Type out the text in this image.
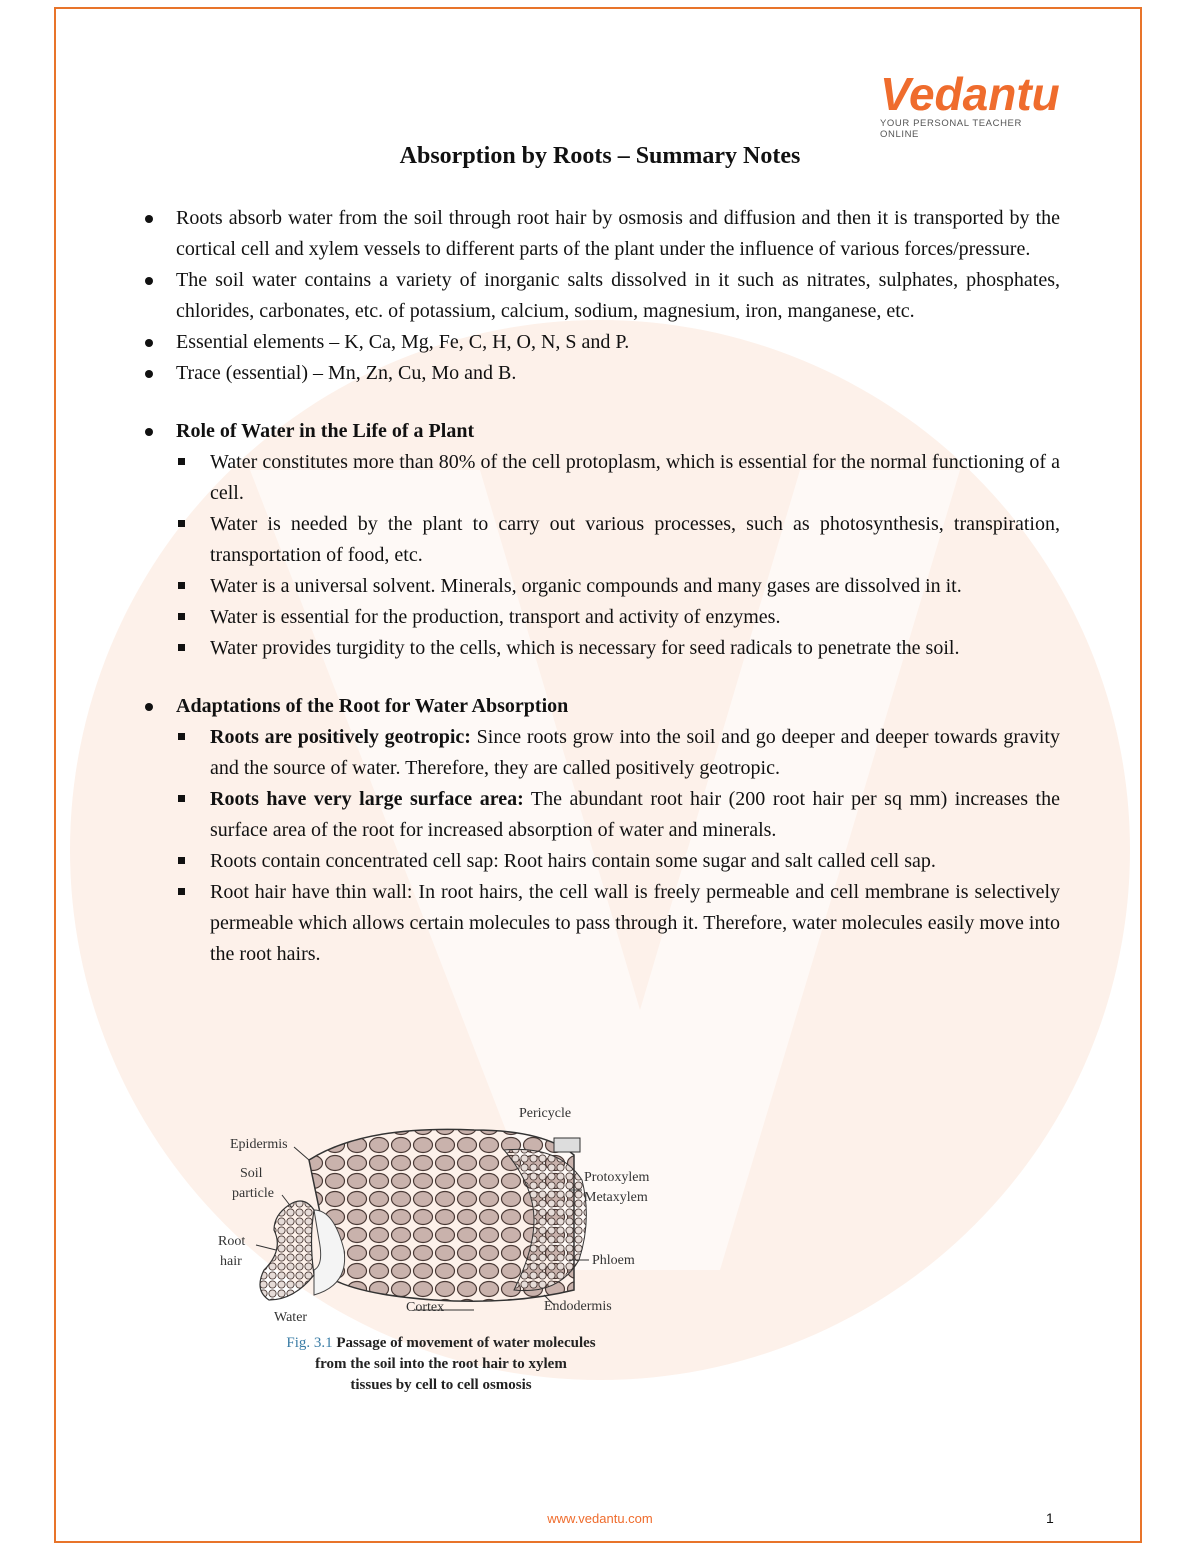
Vedantu
YOUR PERSONAL TEACHER ONLINE
Absorption by Roots – Summary Notes
Roots absorb water from the soil through root hair by osmosis and diffusion and then it is transported by the cortical cell and xylem vessels to different parts of the plant under the influence of various forces/pressure.
The soil water contains a variety of inorganic salts dissolved in it such as nitrates, sulphates, phosphates, chlorides, carbonates, etc. of potassium, calcium, sodium, magnesium, iron, manganese, etc.
Essential elements – K, Ca, Mg, Fe, C, H, O, N, S and P.
Trace (essential) – Mn, Zn, Cu, Mo and B.
Role of Water in the Life of a Plant
Water constitutes more than 80% of the cell protoplasm, which is essential for the normal functioning of a cell.
Water is needed by the plant to carry out various processes, such as photosynthesis, transpiration, transportation of food, etc.
Water is a universal solvent. Minerals, organic compounds and many gases are dissolved in it.
Water is essential for the production, transport and activity of enzymes.
Water provides turgidity to the cells, which is necessary for seed radicals to penetrate the soil.
Adaptations of the Root for Water Absorption
Roots are positively geotropic: Since roots grow into the soil and go deeper and deeper towards gravity and the source of water. Therefore, they are called positively geotropic.
Roots have very large surface area: The abundant root hair (200 root hair per sq mm) increases the surface area of the root for increased absorption of water and minerals.
Roots contain concentrated cell sap: Root hairs contain some sugar and salt called cell sap.
Root hair have thin wall: In root hairs, the cell wall is freely permeable and cell membrane is selectively permeable which allows certain molecules to pass through it. Therefore, water molecules easily move into the root hairs.
Pericycle
Epidermis
Soil
particle
Root
hair
Water
Cortex	Endodermis
Protoxylem
Metaxylem
Phloem
Fig. 3.1 Passage of movement of water molecules
from the soil into the root hair to xylem
tissues by cell to cell osmosis
www.vedantu.com	1
